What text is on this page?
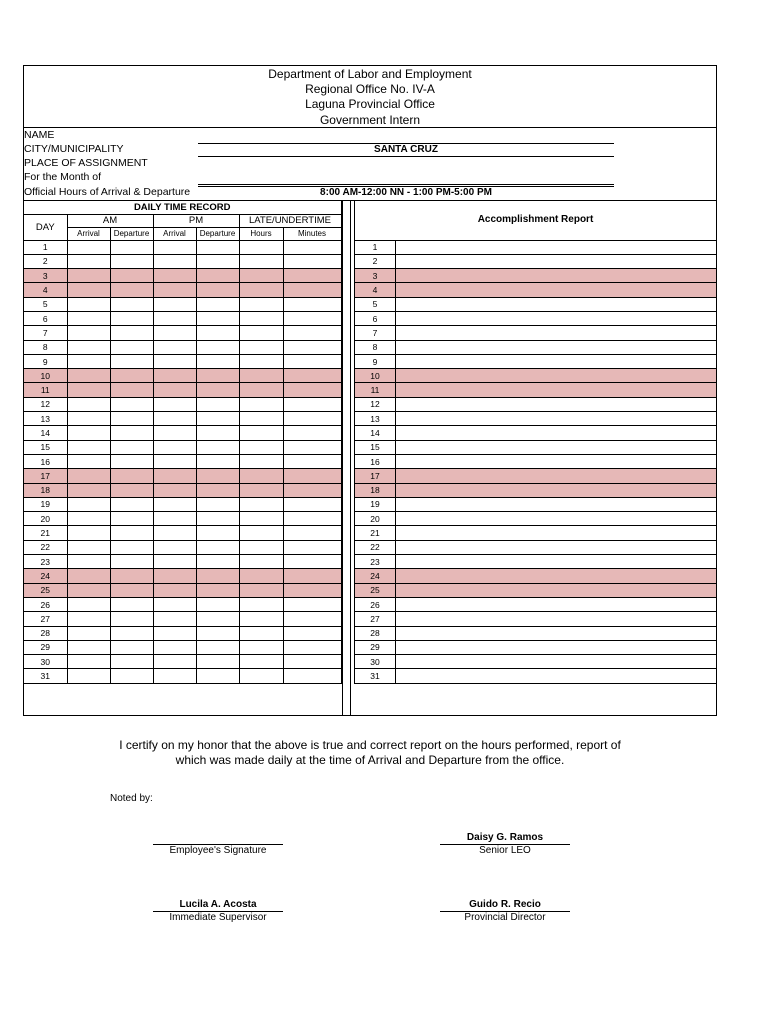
Department of Labor and Employment
Regional Office No. IV-A
Laguna Provincial Office
Government Intern
NAME
CITY/MUNICIPALITY	SANTA CRUZ
PLACE OF ASSIGNMENT
For the Month of
Official Hours of Arrival & Departure	8:00 AM-12:00 NN - 1:00 PM-5:00 PM
DAILY TIME RECORD						
DAY	AM		PM		LATE/UNDERTIME	
	Arrival	Departure	Arrival	Departure	Hours	Minutes
1						
2						
3						
4						
5						
6						
7						
8						
9						
10						
11						
12						
13						
14						
15						
16						
17						
18						
19						
20						
21						
22						
23						
24						
25						
26						
27						
28						
29						
30						
31						
Accomplishment Report	
1	
2	
3	
4	
5	
6	
7	
8	
9	
10	
11	
12	
13	
14	
15	
16	
17	
18	
19	
20	
21	
22	
23	
24	
25	
26	
27	
28	
29	
30	
31	
I certify on my honor that the above is true and correct report on the hours performed, report of
which was made daily at the time of Arrival and Departure from the office.
Noted by:
Employee's Signature
Daisy G. Ramos
Senior LEO
Lucila A. Acosta
Immediate Supervisor
Guido R. Recio
Provincial Director
